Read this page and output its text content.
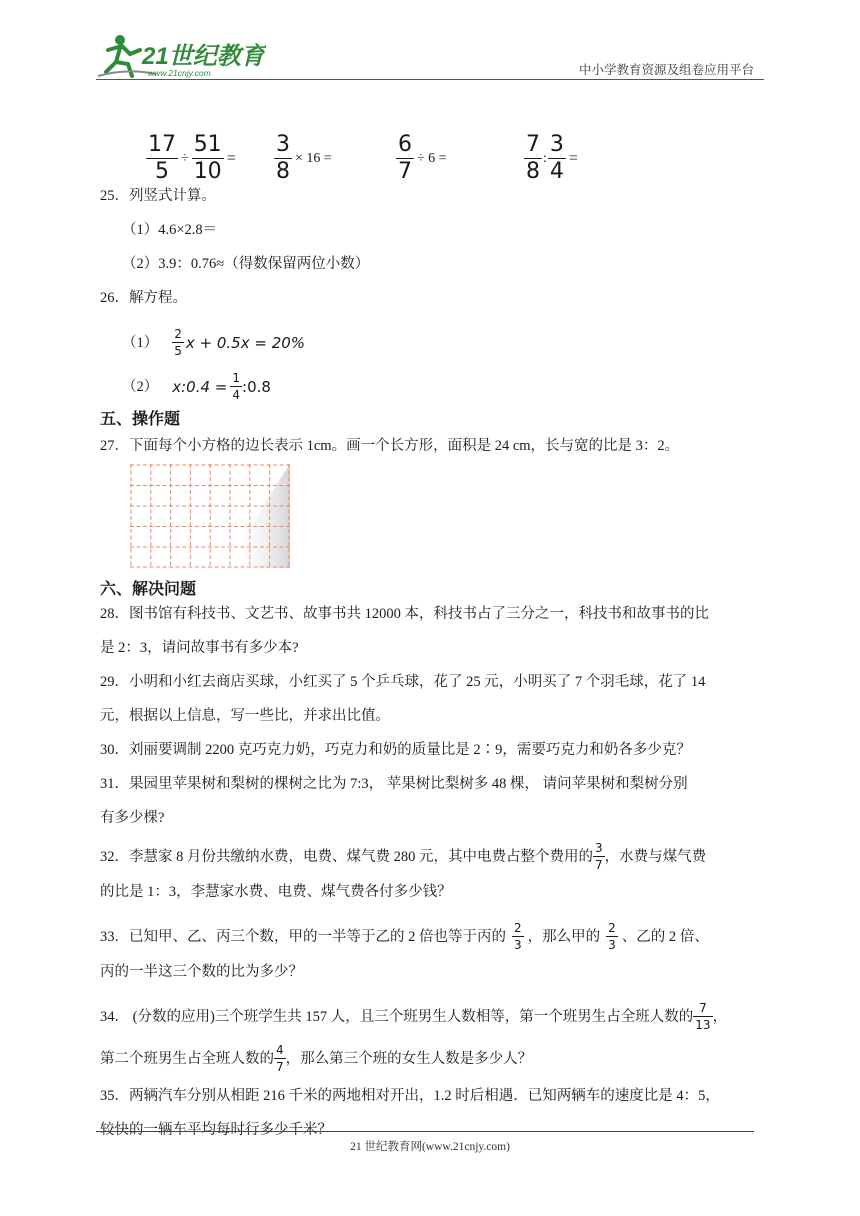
21世纪教育
www.21cnjy.com	中小学教育资源及组卷应用平台
$\frac{17}{5} \div \frac{51}{10} = \frac{3}{8} \times 16$ =	$\frac{6}{7} \div 6$ =	$\frac{7}{8}$ : $\frac{3}{4}$ =
25．列竖式计算。
（1）4.6×2.8＝
（2）3.9：0.76≈（得数保留两位小数）
26．解方程。
$(1) \frac{2}{5}$ x + 0.5x = 20%
（2） x:0.4 = $\frac{1}{4}$ :0.8
五、操作题
27．下面每个小方格的边长表示 1cm。画一个长方形，面积是 24 cm，长与宽的比是 3：2。
六、解决问题
28．图书馆有科技书、文艺书、故事书共 12000 本，科技书占了三分之一，科技书和故事书的比
是 2：3，请问故事书有多少本?
29．小明和小红去商店买球，小红买了 5 个乒乓球，花了 25 元，小明买了 7 个羽毛球，花了 14
元，根据以上信息，写一些比，并求出比值。
30．刘丽要调制 2200 克巧克力奶，巧克力和奶的质量比是 2∶9，需要巧克力和奶各多少克？
31．果园里苹果树和梨树的棵树之比为 7:3， 苹果树比梨树多 48 棵， 请问苹果树和梨树分别
有多少棵?
32．李慧家 8 月份共缴纳水费，电费、煤气费 280 元，其中电费占整个费用的 $\frac{3}{7}$ ，水费与煤气费
的比是 1：3，李慧家水费、电费、煤气费各付多少钱？
33．已知甲、乙、丙三个数，甲的一半等于乙的 2 倍也等于丙的 $\frac{2}{3}$ ，那么甲的 $\frac{2}{3}$ 、乙的 2 倍、
丙的一半这三个数的比为多少？
34． (分数的应用)三个班学生共 157 人，且三个班男生人数相等，第一个班男生占全班人数的 $\frac{7}{13}$ ，
第二个班男生占全班人数的 $\frac{4}{7}$ ，那么第三个班的女生人数是多少人？
35．两辆汽车分别从相距 216 千米的两地相对开出，1.2 时后相遇．已知两辆车的速度比是 4：5，
较快的一辆车平均每时行多少千米？
21 世纪教育网(www.21cnjy.com)
